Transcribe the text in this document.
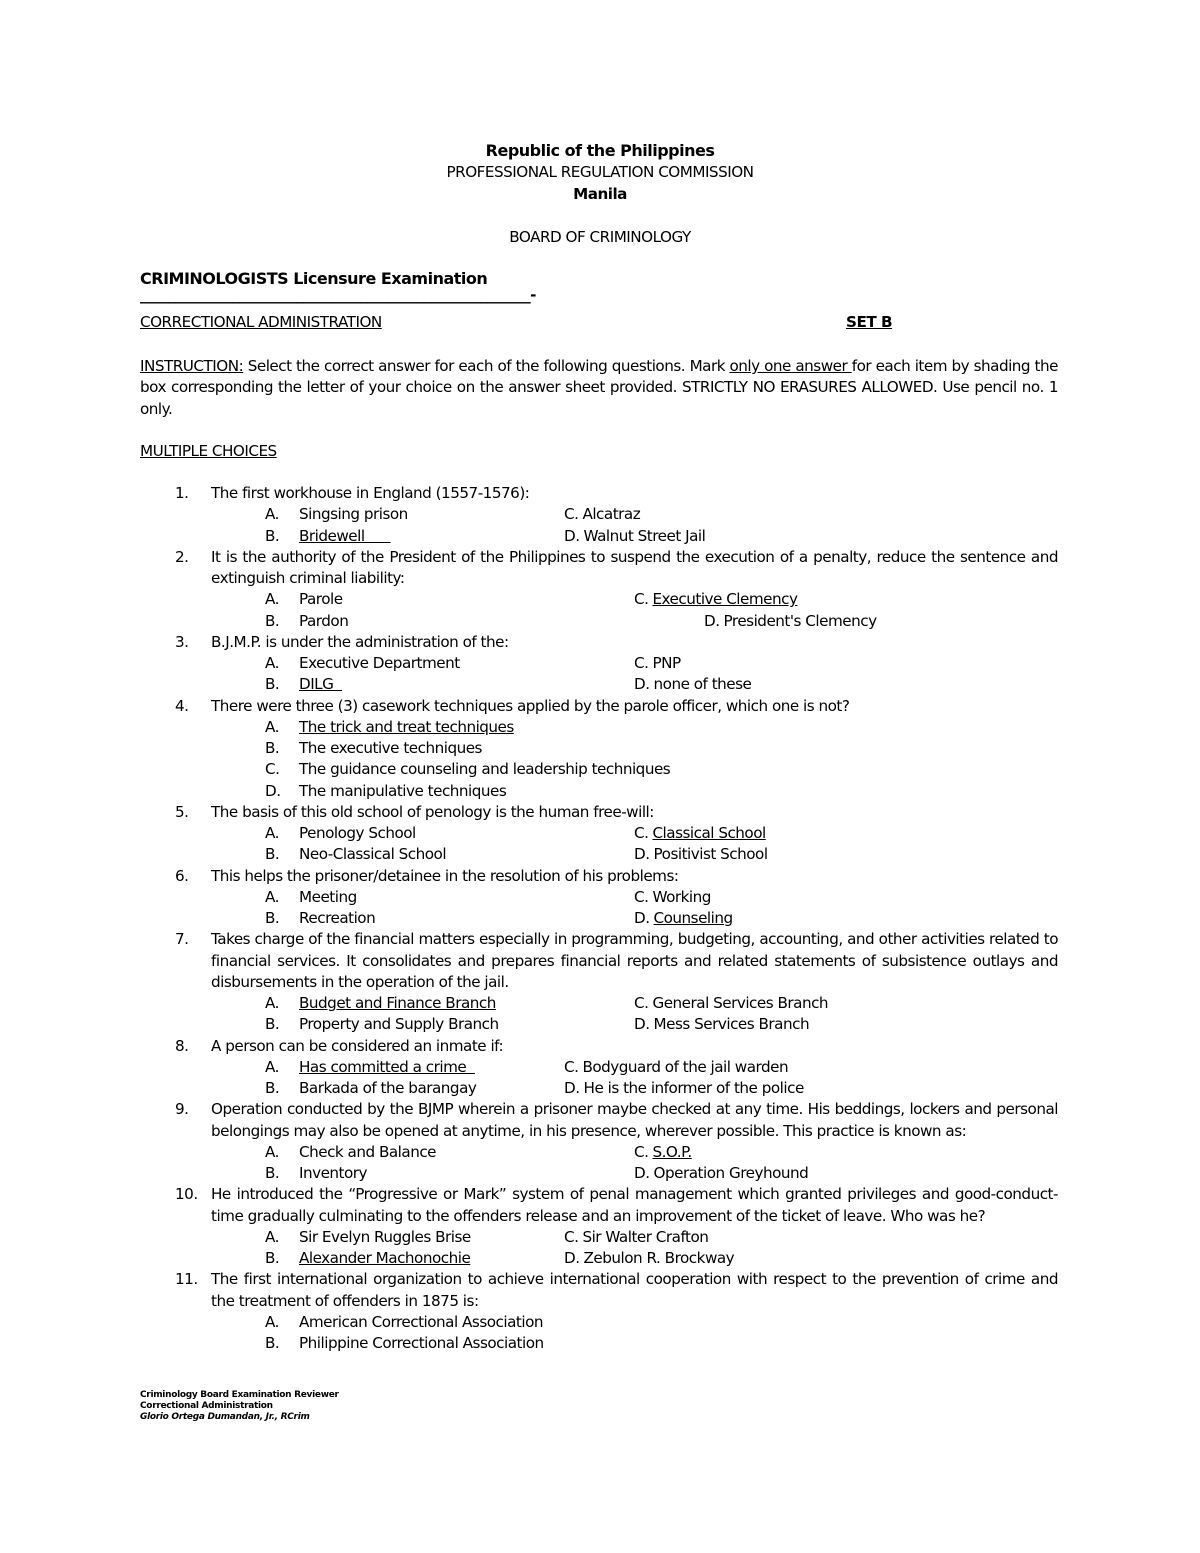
Republic of the Philippines
PROFESSIONAL REGULATION COMMISSION
Manila
BOARD OF CRIMINOLOGY
CRIMINOLOGISTS Licensure Examination
_______________________________________________________-
CORRECTIONAL ADMINISTRATION	SET B
INSTRUCTION: Select the correct answer for each of the following questions. Mark only one answer for each item by shading the box corresponding the letter of your choice on the answer sheet provided. STRICTLY NO ERASURES ALLOWED. Use pencil no. 1 only.
MULTIPLE CHOICES
1. The first workhouse in England (1557-1576):
A. Singsing prison	C. Alcatraz
B. Bridewell	D. Walnut Street Jail
2. It is the authority of the President of the Philippines to suspend the execution of a penalty, reduce the sentence and extinguish criminal liability:
A. Parole	C. Executive Clemency
B. Pardon	D. President's Clemency
3. B.J.M.P. is under the administration of the:
A. Executive Department	C. PNP
B. DILG	D. none of these
4. There were three (3) casework techniques applied by the parole officer, which one is not?
A. The trick and treat techniques
B. The executive techniques
C. The guidance counseling and leadership techniques
D. The manipulative techniques
5. The basis of this old school of penology is the human free-will:
A. Penology School	C. Classical School
B. Neo-Classical School	D. Positivist School
6. This helps the prisoner/detainee in the resolution of his problems:
A. Meeting	C. Working
B. Recreation	D. Counseling
7. Takes charge of the financial matters especially in programming, budgeting, accounting, and other activities related to financial services. It consolidates and prepares financial reports and related statements of subsistence outlays and disbursements in the operation of the jail.
A. Budget and Finance Branch	C. General Services Branch
B. Property and Supply Branch	D. Mess Services Branch
8. A person can be considered an inmate if:
A. Has committed a crime	C. Bodyguard of the jail warden
B. Barkada of the barangay	D. He is the informer of the police
9. Operation conducted by the BJMP wherein a prisoner maybe checked at any time. His beddings, lockers and personal belongings may also be opened at anytime, in his presence, wherever possible. This practice is known as:
A. Check and Balance	C. S.O.P.
B. Inventory	D. Operation Greyhound
10. He introduced the “Progressive or Mark” system of penal management which granted privileges and good-conduct-time gradually culminating to the offenders release and an improvement of the ticket of leave. Who was he?
A. Sir Evelyn Ruggles Brise	C. Sir Walter Crafton
B. Alexander Machonochie	D. Zebulon R. Brockway
11. The first international organization to achieve international cooperation with respect to the prevention of crime and the treatment of offenders in 1875 is:
A. American Correctional Association
B. Philippine Correctional Association
Criminology Board Examination Reviewer
Correctional Administration
Glorio Ortega Dumandan, Jr., RCrim
